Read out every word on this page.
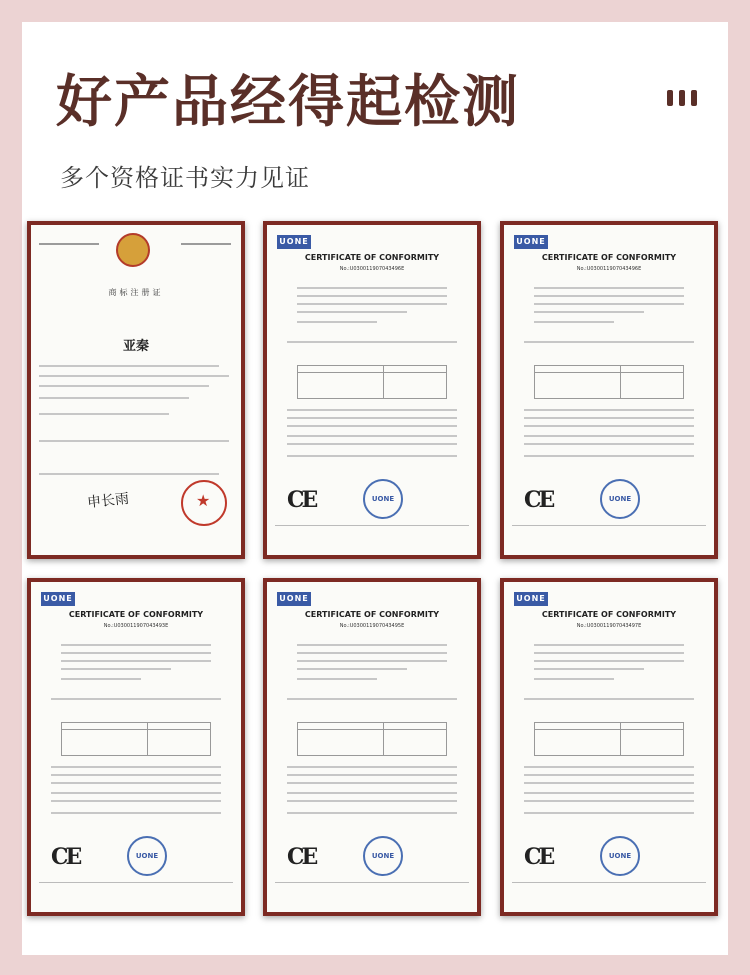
好产品经得起检测
多个资格证书实力见证
商标注册证
亚秦
申长雨
★
UONE
CERTIFICATE OF CONFORMITY
No.:U030011907043496E
CE	UONE
UONE
CERTIFICATE OF CONFORMITY
No.:U030011907043496E
CE	UONE
UONE
CERTIFICATE OF CONFORMITY
No.:U030011907043493E
CE	UONE
UONE
CERTIFICATE OF CONFORMITY
No.:U030011907043495E
CE	UONE
UONE
CERTIFICATE OF CONFORMITY
No.:U030011907043497E
CE	UONE
